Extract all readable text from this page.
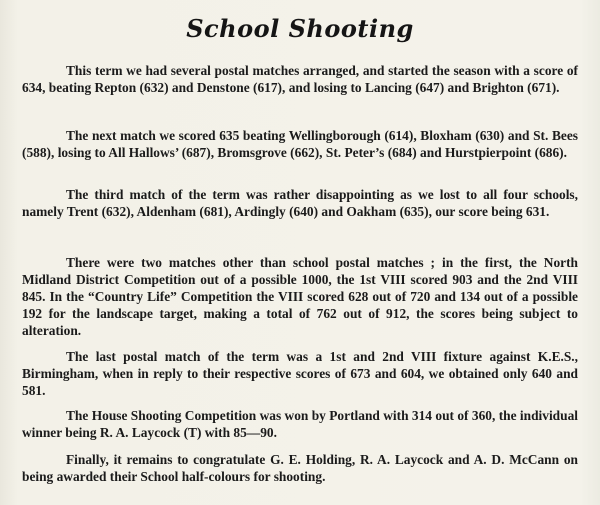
School Shooting

This term we had several postal matches arranged, and started the season with a score of 634, beating Repton (632) and Denstone (617), and losing to Lancing (647) and Brighton (671).

The next match we scored 635 beating Wellingborough (614), Bloxham (630) and St. Bees (588), losing to All Hallows’ (687), Bromsgrove (662), St. Peter’s (684) and Hurstpierpoint (686).

The third match of the term was rather disappointing as we lost to all four schools, namely Trent (632), Aldenham (681), Ardingly (640) and Oakham (635), our score being 631.

There were two matches other than school postal matches ; in the first, the North Midland District Competition out of a possible 1000, the 1st VIII scored 903 and the 2nd VIII 845. In the “Country Life” Competition the VIII scored 628 out of 720 and 134 out of a possible 192 for the landscape target, making a total of 762 out of 912, the scores being subject to alteration.

The last postal match of the term was a 1st and 2nd VIII fixture against K.E.S., Birmingham, when in reply to their respective scores of 673 and 604, we obtained only 640 and 581.

The House Shooting Competition was won by Portland with 314 out of 360, the individual winner being R. A. Laycock (T) with 85—90.

Finally, it remains to congratulate G. E. Holding, R. A. Laycock and A. D. McCann on being awarded their School half-colours for shooting.
